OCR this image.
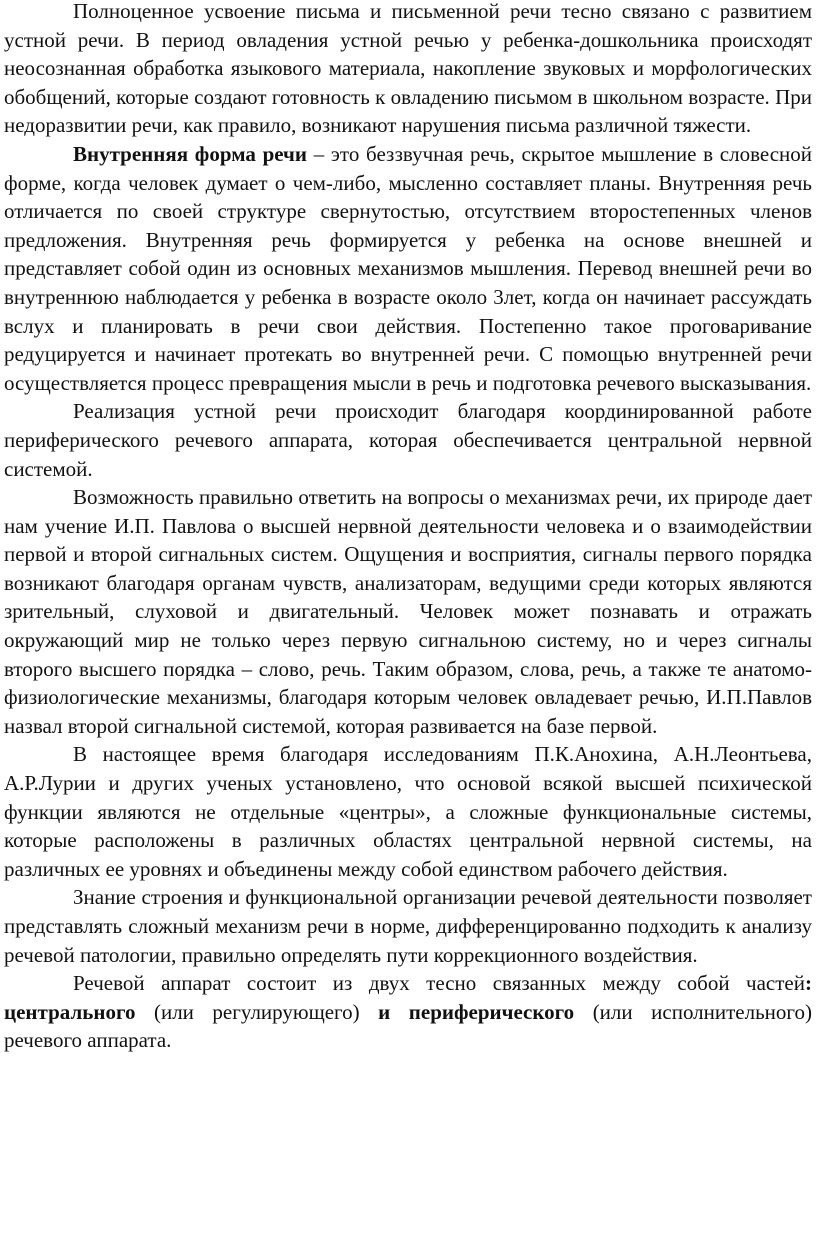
Полноценное усвоение письма и письменной речи тесно связано с развитием устной речи. В период овладения устной речью у ребенка-дошкольника происходят неосознанная обработка языкового материала, накопление звуковых и морфологических обобщений, которые создают готовность к овладению письмом в школьном возрасте. При недоразвитии речи, как правило, возникают нарушения письма различной тяжести.

Внутренняя форма речи – это беззвучная речь, скрытое мышление в словесной форме, когда человек думает о чем-либо, мысленно составляет планы. Внутренняя речь отличается по своей структуре свернутостью, отсутствием второстепенных членов предложения. Внутренняя речь формируется у ребенка на основе внешней и представляет собой один из основных механизмов мышления. Перевод внешней речи во внутреннюю наблюдается у ребенка в возрасте около 3лет, когда он начинает рассуждать вслух и планировать в речи свои действия. Постепенно такое проговаривание редуцируется и начинает протекать во внутренней речи. С помощью внутренней речи осуществляется процесс превращения мысли в речь и подготовка речевого высказывания.

Реализация устной речи происходит благодаря координированной работе периферического речевого аппарата, которая обеспечивается центральной нервной системой.

Возможность правильно ответить на вопросы о механизмах речи, их природе дает нам учение И.П. Павлова о высшей нервной деятельности человека и о взаимодействии первой и второй сигнальных систем. Ощущения и восприятия, сигналы первого порядка возникают благодаря органам чувств, анализаторам, ведущими среди которых являются зрительный, слуховой и двигательный. Человек может познавать и отражать окружающий мир не только через первую сигнальною систему, но и через сигналы второго высшего порядка – слово, речь. Таким образом, слова, речь, а также те анатомо-физиологические механизмы, благодаря которым человек овладевает речью, И.П.Павлов назвал второй сигнальной системой, которая развивается на базе первой.

В настоящее время благодаря исследованиям П.К.Анохина, А.Н.Леонтьева, А.Р.Лурии и других ученых установлено, что основой всякой высшей психической функции являются не отдельные «центры», а сложные функциональные системы, которые расположены в различных областях центральной нервной системы, на различных ее уровнях и объединены между собой единством рабочего действия.

Знание строения и функциональной организации речевой деятельности позволяет представлять сложный механизм речи в норме, дифференцированно подходить к анализу речевой патологии, правильно определять пути коррекционного воздействия.

Речевой аппарат состоит из двух тесно связанных между собой частей: центрального (или регулирующего) и периферического (или исполнительного) речевого аппарата.
